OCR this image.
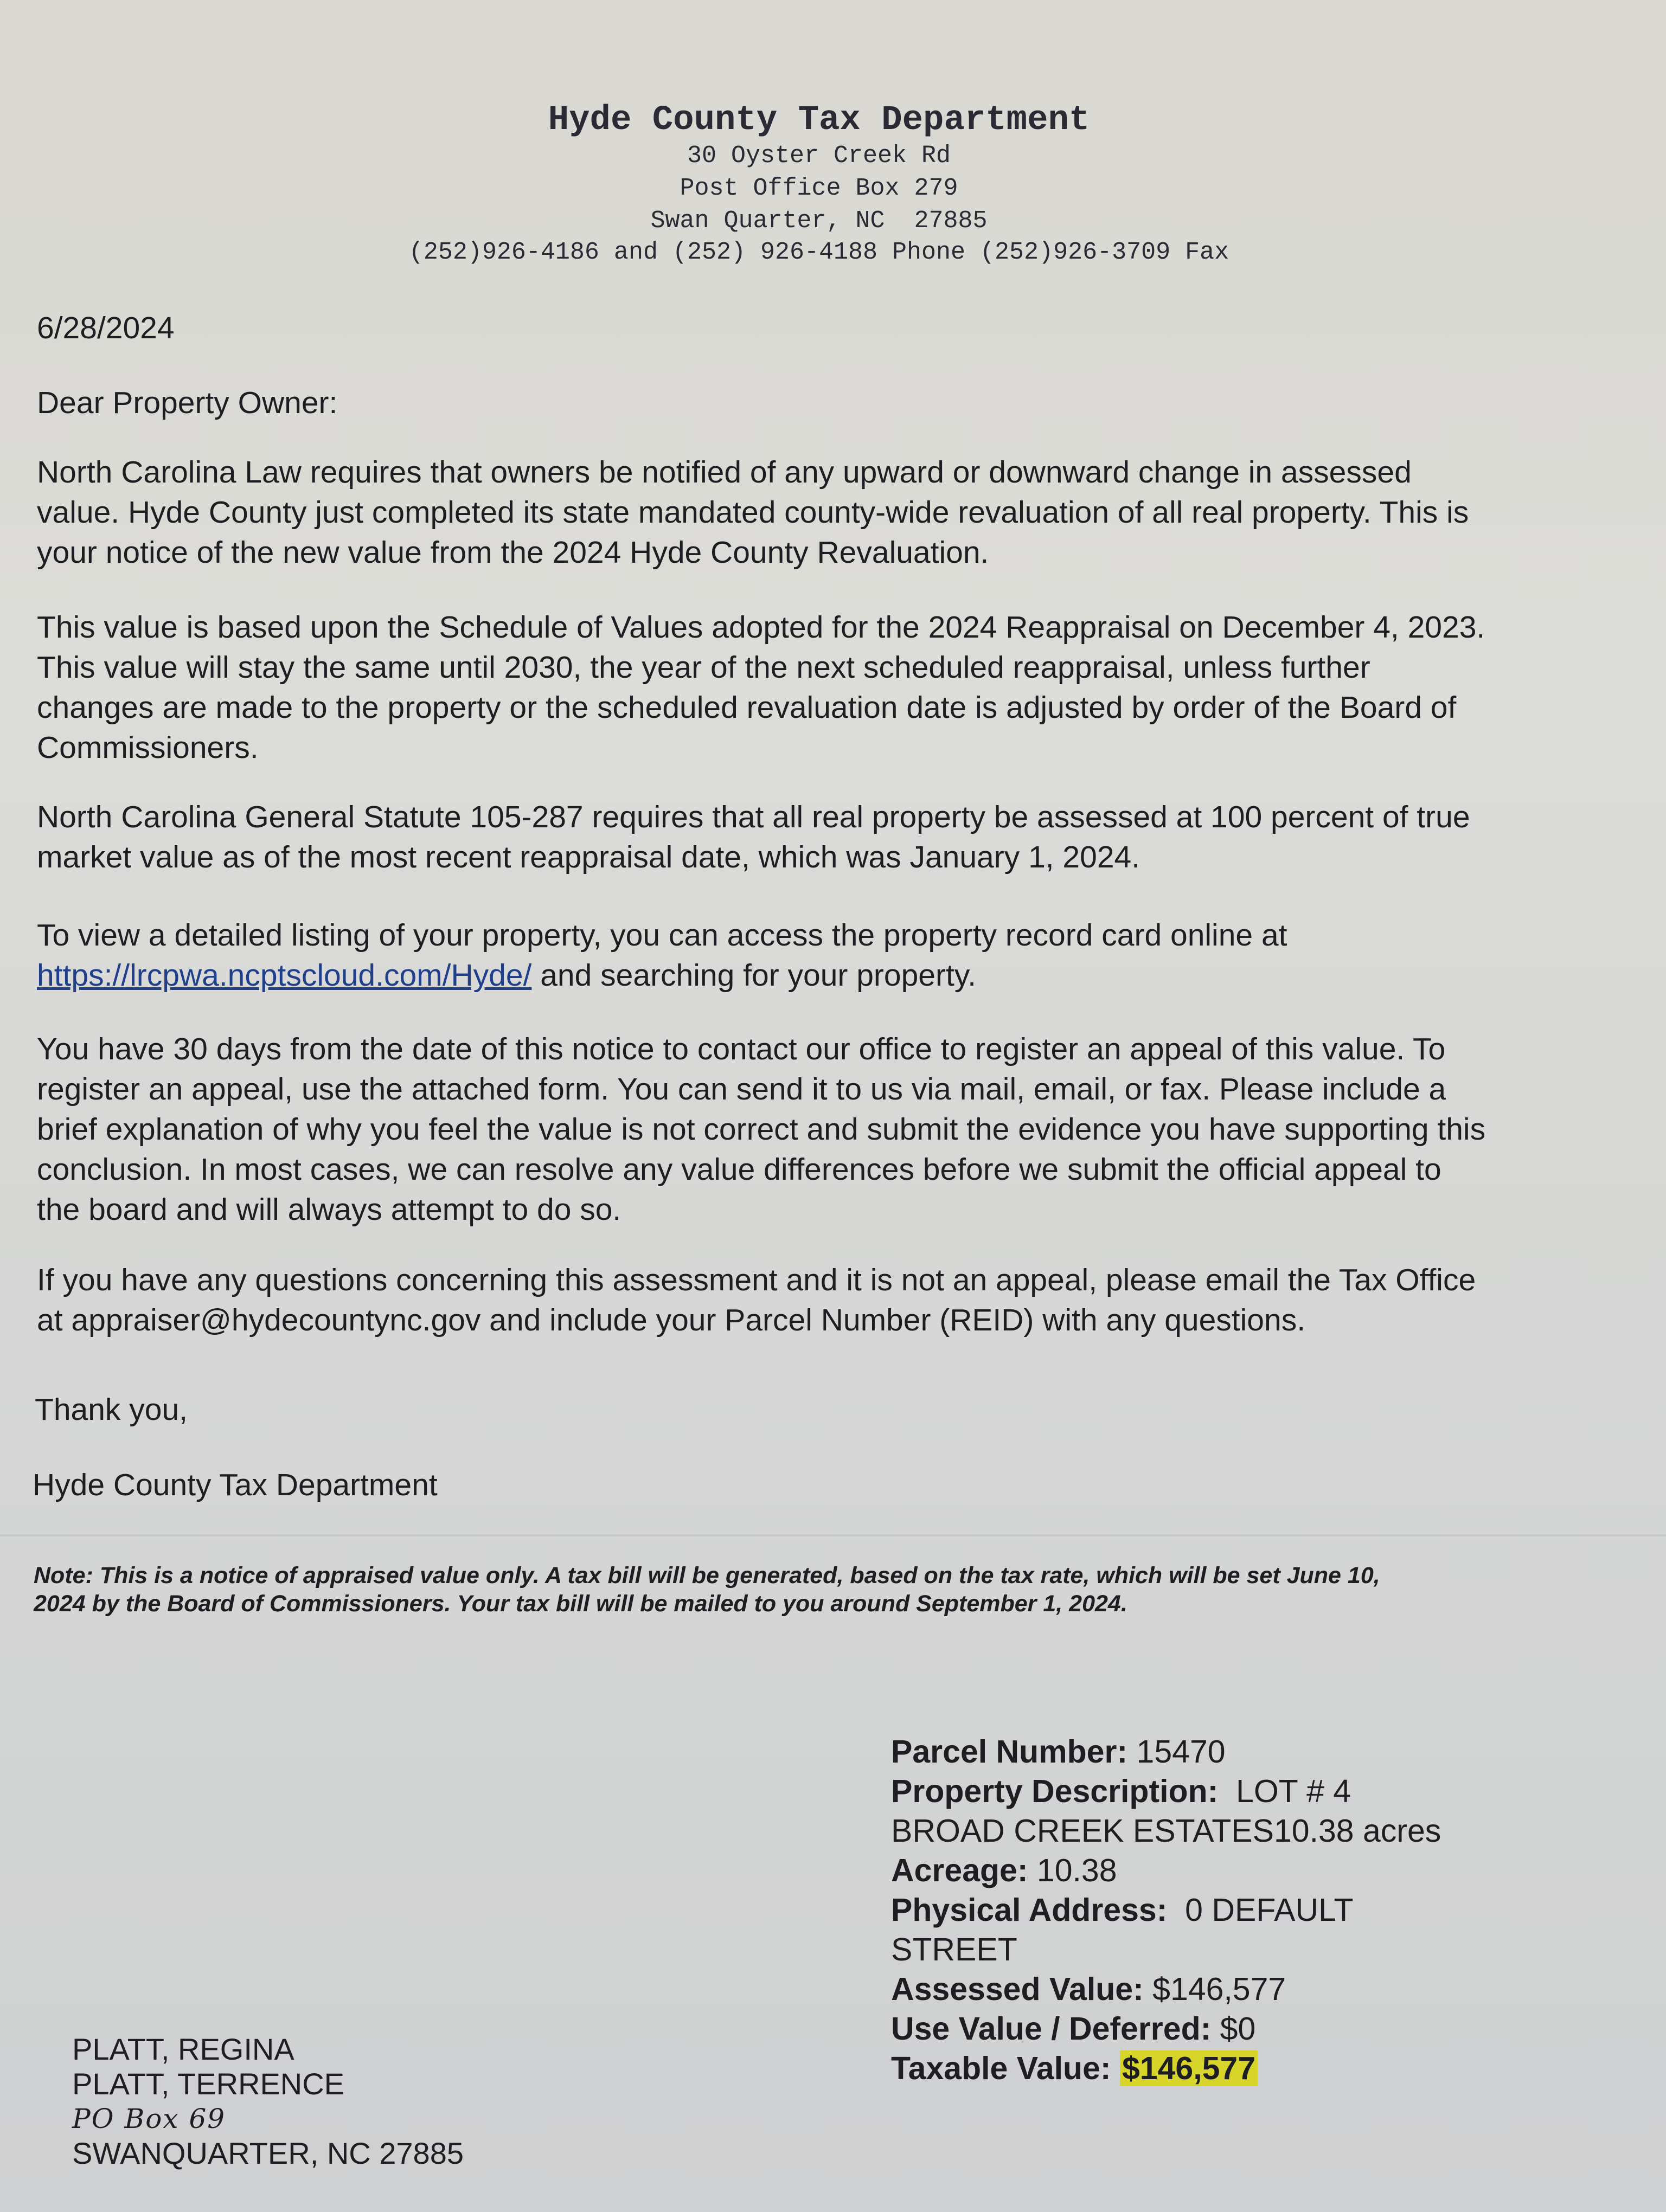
Hyde County Tax Department
30 Oyster Creek Rd
Post Office Box 279
Swan Quarter, NC  27885
(252)926-4186 and (252) 926-4188 Phone (252)926-3709 Fax
6/28/2024
Dear Property Owner:
North Carolina Law requires that owners be notified of any upward or downward change in assessed
value. Hyde County just completed its state mandated county-wide revaluation of all real property. This is
your notice of the new value from the 2024 Hyde County Revaluation.
This value is based upon the Schedule of Values adopted for the 2024 Reappraisal on December 4, 2023.
This value will stay the same until 2030, the year of the next scheduled reappraisal, unless further
changes are made to the property or the scheduled revaluation date is adjusted by order of the Board of
Commissioners.
North Carolina General Statute 105-287 requires that all real property be assessed at 100 percent of true
market value as of the most recent reappraisal date, which was January 1, 2024.
To view a detailed listing of your property, you can access the property record card online at
https://lrcpwa.ncptscloud.com/Hyde/ and searching for your property.
You have 30 days from the date of this notice to contact our office to register an appeal of this value. To
register an appeal, use the attached form. You can send it to us via mail, email, or fax. Please include a
brief explanation of why you feel the value is not correct and submit the evidence you have supporting this
conclusion. In most cases, we can resolve any value differences before we submit the official appeal to
the board and will always attempt to do so.
If you have any questions concerning this assessment and it is not an appeal, please email the Tax Office
at appraiser@hydecountync.gov and include your Parcel Number (REID) with any questions.
Thank you,
Hyde County Tax Department
Note: This is a notice of appraised value only. A tax bill will be generated, based on the tax rate, which will be set June 10,
2024 by the Board of Commissioners. Your tax bill will be mailed to you around September 1, 2024.
Parcel Number: 15470
Property Description:  LOT # 4
BROAD CREEK ESTATES10.38 acres
Acreage: 10.38
Physical Address:  0 DEFAULT
STREET
Assessed Value: $146,577
Use Value / Deferred: $0
Taxable Value: $146,577
PLATT, REGINA
PLATT, TERRENCE
PO Box 69
SWANQUARTER, NC 27885
